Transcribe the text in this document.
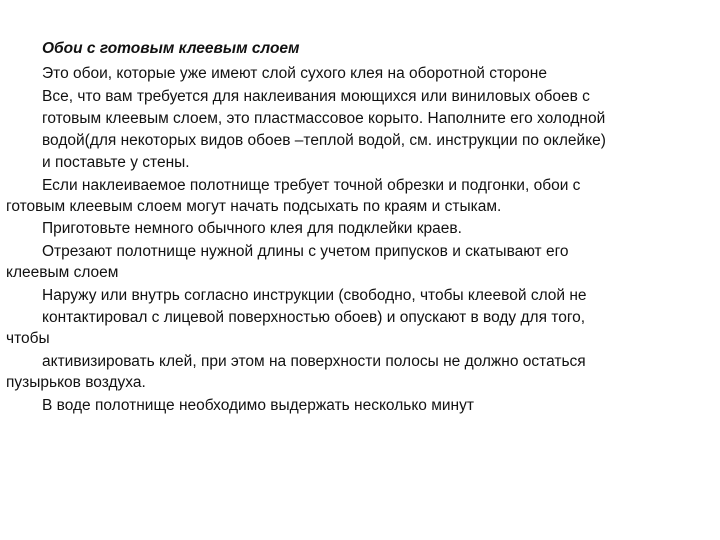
Обои с готовым клеевым слоем
Это обои, которые уже имеют слой сухого клея на оборотной стороне
Все, что вам требуется для наклеивания моющихся или виниловых обоев с
готовым клеевым слоем, это пластмассовое корыто. Наполните его холодной
водой(для некоторых видов обоев –теплой водой, см. инструкции по оклейке)
и поставьте у стены.
Если наклеиваемое полотнище требует точной обрезки и подгонки, обои с
готовым клеевым слоем могут начать подсыхать по краям и стыкам.
Приготовьте немного обычного клея для подклейки краев.
Отрезают полотнище нужной длины с учетом припусков и скатывают его
клеевым слоем
Наружу или внутрь согласно инструкции (свободно, чтобы клеевой слой не
контактировал с лицевой поверхностью обоев) и опускают в воду для того,
чтобы
активизировать клей, при этом на поверхности полосы не должно остаться
пузырьков воздуха.
В воде полотнище необходимо выдержать несколько минут
